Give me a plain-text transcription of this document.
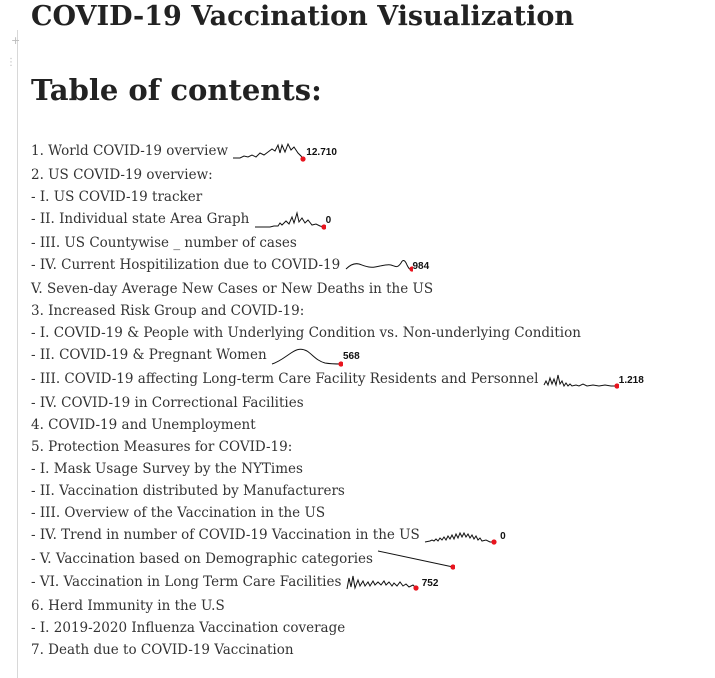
+
⋮
COVID-19 Vaccination Visualization
Table of contents:
1. World COVID-19 overview	12.710
2. US COVID-19 overview:
- I. US COVID-19 tracker
- II. Individual state Area Graph	0
- III. US Countywise _ number of cases
- IV. Current Hospitilization due to COVID-19	984
V. Seven-day Average New Cases or New Deaths in the US
3. Increased Risk Group and COVID-19:
- I. COVID-19 & People with Underlying Condition vs. Non-underlying Condition
- II. COVID-19 & Pregnant Women	568
- III. COVID-19 affecting Long-term Care Facility Residents and Personnel	1.218
- IV. COVID-19 in Correctional Facilities
4. COVID-19 and Unemployment
5. Protection Measures for COVID-19:
- I. Mask Usage Survey by the NYTimes
- II. Vaccination distributed by Manufacturers
- III. Overview of the Vaccination in the US
- IV. Trend in number of COVID-19 Vaccination in the US	0
- V. Vaccination based on Demographic categories
- VI. Vaccination in Long Term Care Facilities	752
6. Herd Immunity in the U.S
- I. 2019-2020 Influenza Vaccination coverage
7. Death due to COVID-19 Vaccination
